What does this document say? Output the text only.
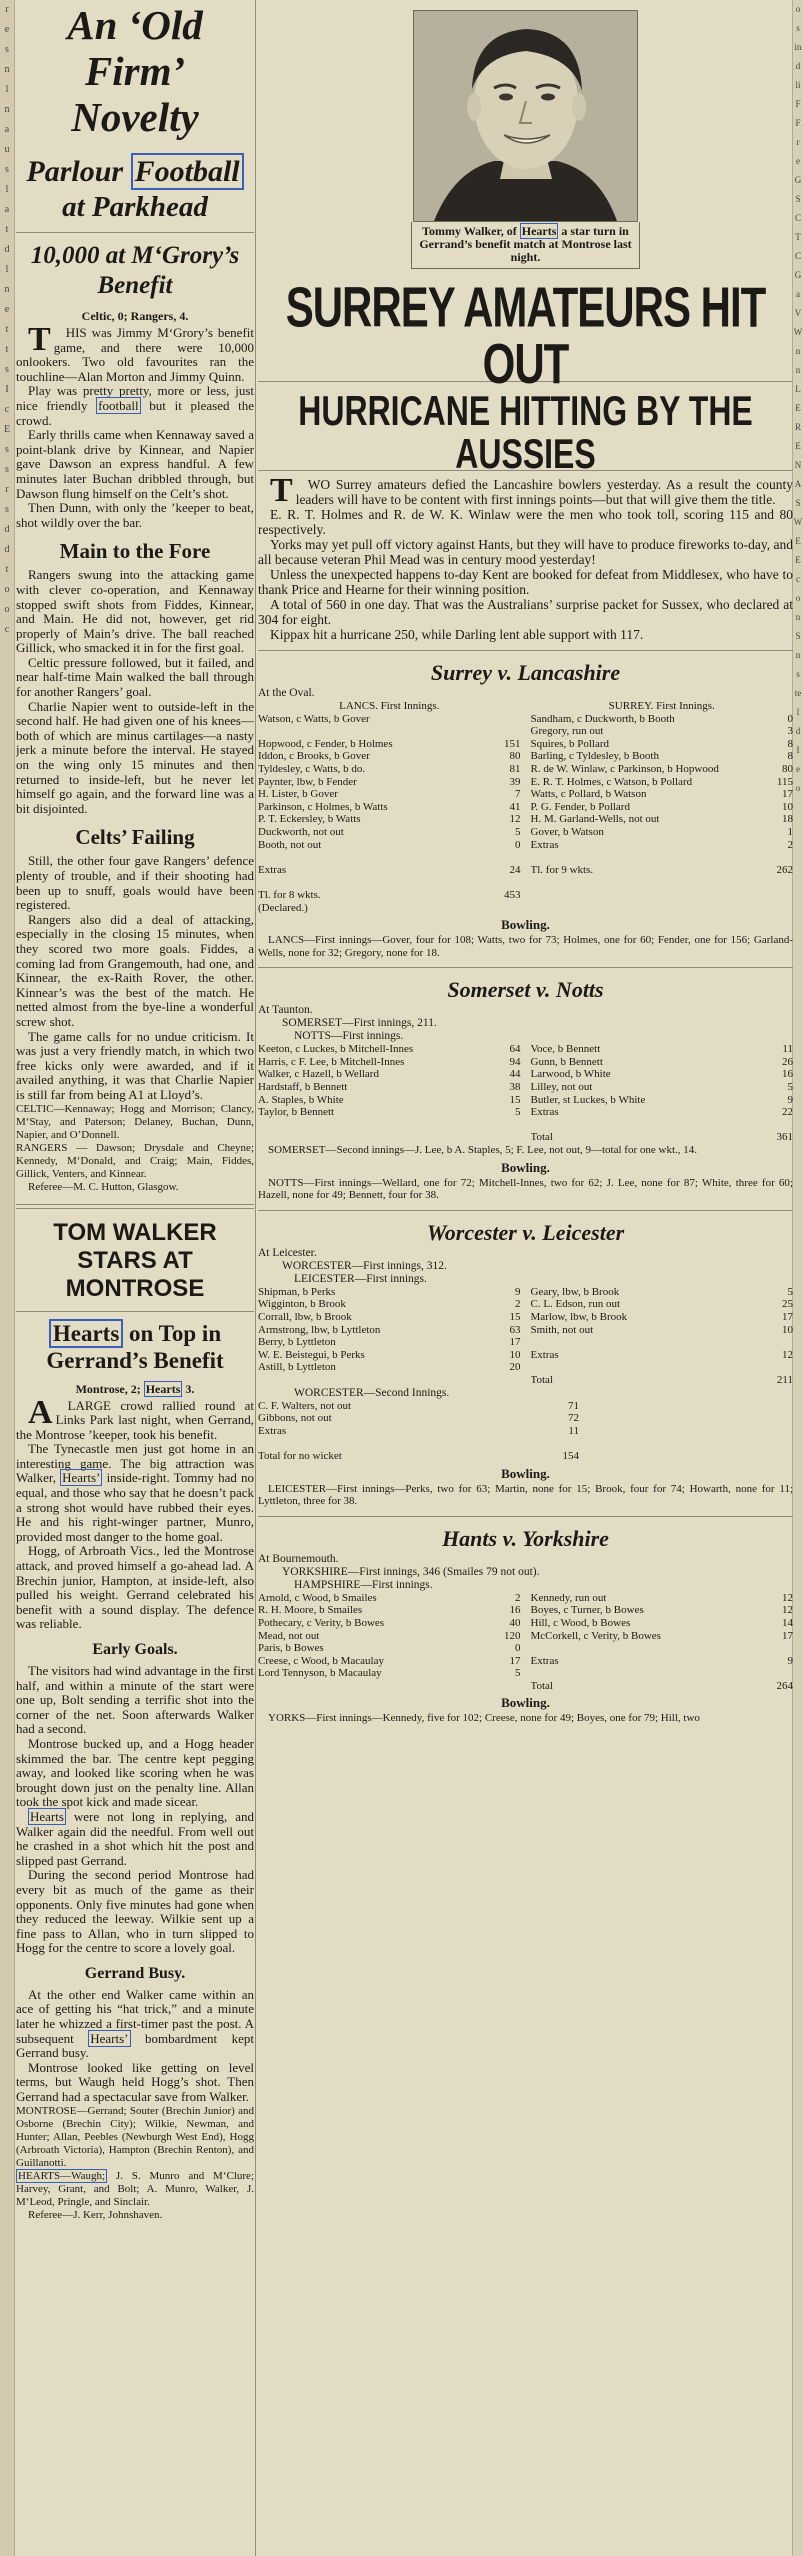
r
e
s
n
l
n
a
u
s
l
a
t
d
l
n
e
t
t
s
I
c
E
s
s
r
s
d
d
t
o
o
c
o
s
in
d
li
F
F
r
e
G
S
C
T
C
G
a
V
W
n
n
L
E
R
E
N
A
S
W
E
E
c
o
n
S
n
s
te
l
d
I
e
o
An ‘Old Firm’
Novelty
Parlour Football
at Parkhead
10,000 at M‘Grory’s
Benefit
Celtic, 0; Rangers, 4.

THIS was Jimmy M‘Grory’s benefit game, and there were 10,000 onlookers. Two old favourites ran the touchline—Alan Morton and Jimmy Quinn.

Play was pretty pretty, more or less, just nice friendly football but it pleased the crowd.

Early thrills came when Kennaway saved a point-blank drive by Kinnear, and Napier gave Dawson an express handful. A few minutes later Buchan dribbled through, but Dawson flung himself on the Celt’s shot.

Then Dunn, with only the ’keeper to beat, shot wildly over the bar.

Main to the Fore

Rangers swung into the attacking game with clever co-operation, and Kennaway stopped swift shots from Fiddes, Kinnear, and Main. He did not, however, get rid properly of Main’s drive. The ball reached Gillick, who smacked it in for the first goal.

Celtic pressure followed, but it failed, and near half-time Main walked the ball through for another Rangers’ goal.

Charlie Napier went to outside-left in the second half. He had given one of his knees—both of which are minus cartilages—a nasty jerk a minute before the interval. He stayed on the wing only 15 minutes and then returned to inside-left, but he never let himself go again, and the forward line was a bit disjointed.

Celts’ Failing

Still, the other four gave Rangers’ defence plenty of trouble, and if their shooting had been up to snuff, goals would have been registered.

Rangers also did a deal of attacking, especially in the closing 15 minutes, when they scored two more goals. Fiddes, a coming lad from Grangemouth, had one, and Kinnear, the ex-Raith Rover, the other. Kinnear’s was the best of the match. He netted almost from the bye-line a wonderful screw shot.

The game calls for no undue criticism. It was just a very friendly match, in which two free kicks only were awarded, and if it availed anything, it was that Charlie Napier is still far from being A1 at Lloyd’s.

CELTIC—Kennaway; Hogg and Morrison; Clancy, M‘Stay, and Paterson; Delaney, Buchan, Dunn, Napier, and O’Donnell.

RANGERS — Dawson; Drysdale and Cheyne; Kennedy, M‘Donald, and Craig; Main, Fiddes, Gillick, Venters, and Kinnear.

Referee—M. C. Hutton, Glasgow.

TOM WALKER STARS AT MONTROSE
Hearts on Top in Gerrand’s Benefit
Montrose, 2; Hearts 3.

ALARGE crowd rallied round at Links Park last night, when Gerrand, the Montrose ’keeper, took his benefit.

The Tynecastle men just got home in an interesting game. The big attraction was Walker, Hearts’ inside-right. Tommy had no equal, and those who say that he doesn’t pack a strong shot would have rubbed their eyes. He and his right-winger partner, Munro, provided most danger to the home goal.

Hogg, of Arbroath Vics., led the Montrose attack, and proved himself a go-ahead lad. A Brechin junior, Hampton, at inside-left, also pulled his weight. Gerrand celebrated his benefit with a sound display. The defence was reliable.

Early Goals.

The visitors had wind advantage in the first half, and within a minute of the start were one up, Bolt sending a terrific shot into the corner of the net. Soon afterwards Walker had a second.

Montrose bucked up, and a Hogg header skimmed the bar. The centre kept pegging away, and looked like scoring when he was brought down just on the penalty line. Allan took the spot kick and made sicear.

Hearts were not long in replying, and Walker again did the needful. From well out he crashed in a shot which hit the post and slipped past Gerrand.

During the second period Montrose had every bit as much of the game as their opponents. Only five minutes had gone when they reduced the leeway. Wilkie sent up a fine pass to Allan, who in turn slipped to Hogg for the centre to score a lovely goal.

Gerrand Busy.

At the other end Walker came within an ace of getting his “hat trick,” and a minute later he whizzed a first-timer past the post. A subsequent Hearts’ bombardment kept Gerrand busy.

Montrose looked like getting on level terms, but Waugh held Hogg’s shot. Then Gerrand had a spectacular save from Walker.

MONTROSE—Gerrand; Souter (Brechin Junior) and Osborne (Brechin City); Wilkie, Newman, and Hunter; Allan, Peebles (Newburgh West End), Hogg (Arbroath Victoria), Hampton (Brechin Renton), and Guillanotti.

HEARTS—Waugh; J. S. Munro and M‘Clure; Harvey, Grant, and Bolt; A. Munro, Walker, J. M‘Leod, Pringle, and Sinclair.

Referee—J. Kerr, Johnshaven.

Tommy Walker, of Hearts a star turn in Gerrand’s benefit match at Montrose last night.
SURREY AMATEURS HIT OUT
HURRICANE HITTING BY THE AUSSIES

TWO Surrey amateurs defied the Lancashire bowlers yesterday. As a result the county leaders will have to be content with first innings points—but that will give them the title.

E. R. T. Holmes and R. de W. K. Winlaw were the men who took toll, scoring 115 and 80 respectively.

Yorks may yet pull off victory against Hants, but they will have to produce fireworks to-day, and all because veteran Phil Mead was in century mood yesterday!

Unless the unexpected happens to-day Kent are booked for defeat from Middlesex, who have to thank Price and Hearne for their winning position.

A total of 560 in one day. That was the Australians’ surprise packet for Sussex, who declared at 304 for eight.

Kippax hit a hurricane 250, while Darling lent able support with 117.

Surrey v. Lancashire
At the Oval.
LANCS. First Innings.
Watson, c Watts, b Gover

Hopwood, c Fender, b Holmes	151
Iddon, c Brooks, b Gover	80
Tyldesley, c Watts, b do.	81
Paynter, lbw, b Fender	39
H. Lister, b Gover	7
Parkinson, c Holmes, b Watts	41
P. T. Eckersley, b Watts	12
Duckworth, not out	5
Booth, not out	0

Extras	24

Tl. for 8 wkts.	453
(Declared.)
SURREY. First Innings.
Sandham, c Duckworth, b Booth	0
Gregory, run out	3
Squires, b Pollard	8
Barling, c Tyldesley, b Booth	8
R. de W. Winlaw, c Parkinson, b Hopwood	80
E. R. T. Holmes, c Watson, b Pollard	115
Watts, c Pollard, b Watson	17
P. G. Fender, b Pollard	10
H. M. Garland-Wells, not out	18
Gover, b Watson	1
Extras	2

Tl. for 9 wkts.	262
Bowling.

LANCS—First innings—Gover, four for 108; Watts, two for 73; Holmes, one for 60; Fender, one for 156; Garland-Wells, none for 32; Gregory, none for 18.

Somerset v. Notts
At Taunton.
SOMERSET—First innings, 211.
NOTTS—First innings.
Keeton, c Luckes, b Mitchell-Innes	64
Harris, c F. Lee, b Mitchell-Innes	94
Walker, c Hazell, b Wellard	44
Hardstaff, b Bennett	38
A. Staples, b White	15
Taylor, b Bennett	5
Voce, b Bennett	11
Gunn, b Bennett	26
Larwood, b White	16
Lilley, not out	5
Butler, st Luckes, b White	9
Extras	22

Total	361

SOMERSET—Second innings—J. Lee, b A. Staples, 5; F. Lee, not out, 9—total for one wkt., 14.

Bowling.

NOTTS—First innings—Wellard, one for 72; Mitchell-Innes, two for 62; J. Lee, none for 87; White, three for 60; Hazell, none for 49; Bennett, four for 38.

Worcester v. Leicester
At Leicester.
WORCESTER—First innings, 312.
LEICESTER—First innings.
Shipman, b Perks	9
Wigginton, b Brook	2
Corrall, lbw, b Brook	15
Armstrong, lbw, b Lyttleton	63
Berry, b Lyttleton	17
W. E. Beistegui, b Perks	10
Astill, b Lyttleton	20
Geary, lbw, b Brook	5
C. L. Edson, run out	25
Marlow, lbw, b Brook	17
Smith, not out	10

Extras	12

Total	211
WORCESTER—Second Innings.
C. F. Walters, not out	71
Gibbons, not out	72
Extras	11

Total for no wicket	154
Bowling.

LEICESTER—First innings—Perks, two for 63; Martin, none for 15; Brook, four for 74; Howarth, none for 11; Lyttleton, three for 38.

Hants v. Yorkshire
At Bournemouth.
YORKSHIRE—First innings, 346 (Smailes 79 not out).
HAMPSHIRE—First innings.
Arnold, c Wood, b Smailes	2
R. H. Moore, b Smailes	16
Pothecary, c Verity, b Bowes	40
Mead, not out	120
Paris, b Bowes	0
Creese, c Wood, b Macaulay	17
Lord Tennyson, b Macaulay	5
Kennedy, run out	12
Boyes, c Turner, b Bowes	12
Hill, c Wood, b Bowes	14
McCorkell, c Verity, b Bowes	17

Extras	9

Total	264
Bowling.

YORKS—First innings—Kennedy, five for 102; Creese, none for 49; Boyes, one for 79; Hill, two
